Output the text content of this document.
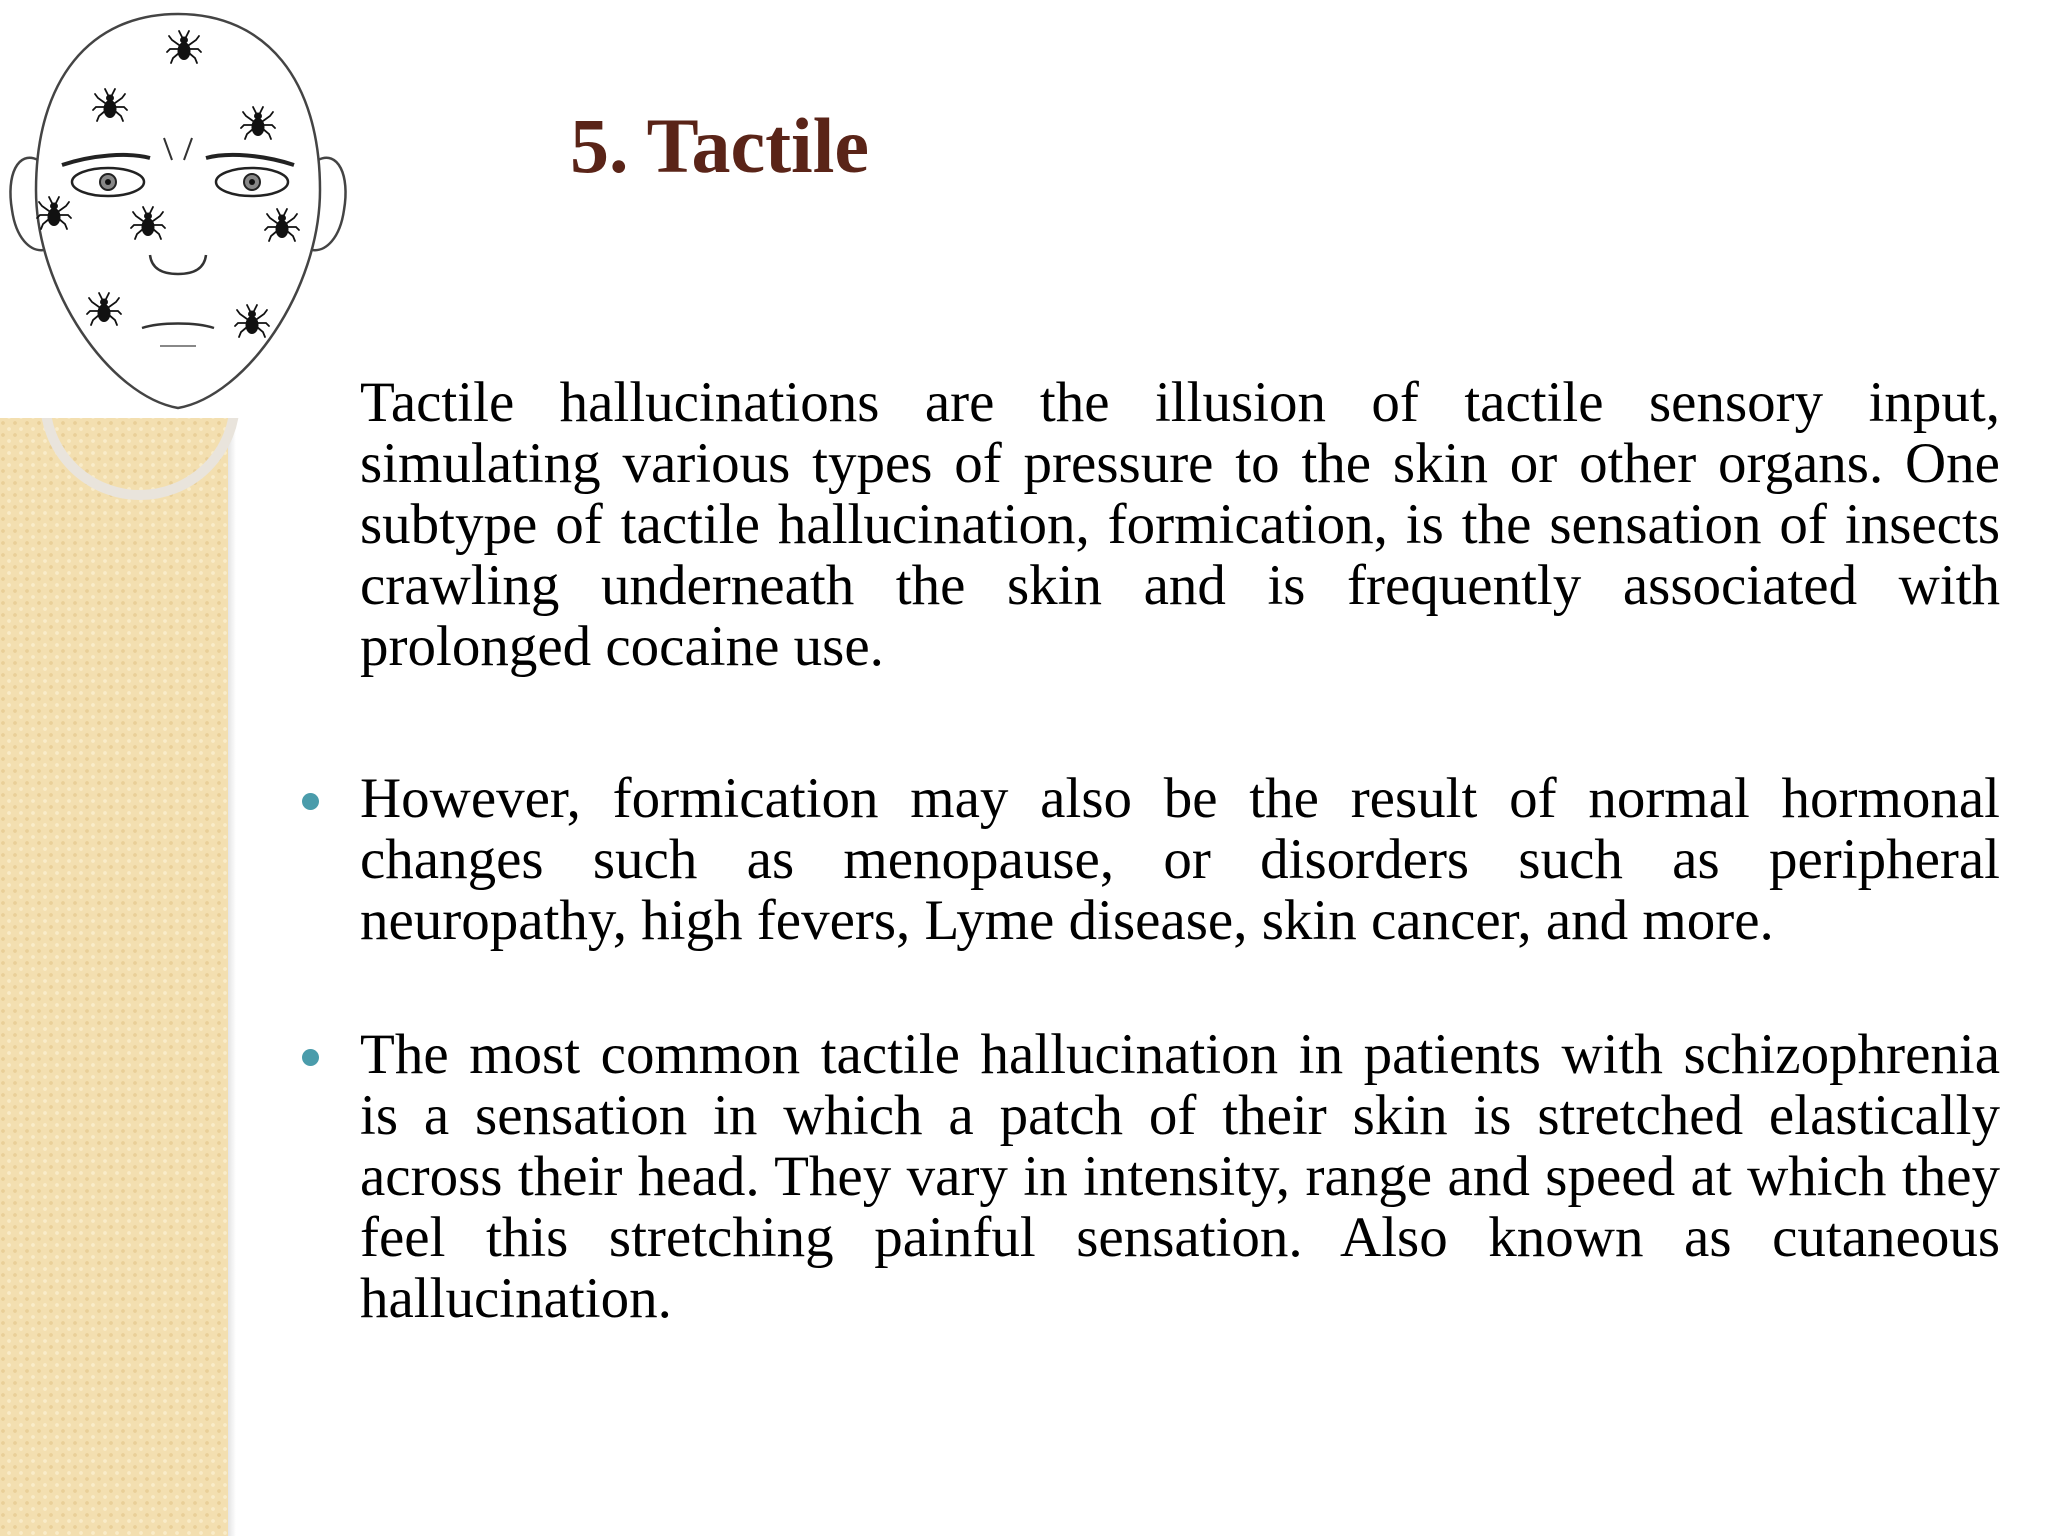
5. Tactile

Tactile hallucinations are the illusion of tactile sensory input, simulating various types of pressure to the skin or other organs. One subtype of tactile hallucination, formication, is the sensation of insects crawling underneath the skin and is frequently associated with prolonged cocaine use.

However, formication may also be the result of normal hormonal changes such as menopause, or disorders such as peripheral neuropathy, high fevers, Lyme disease, skin cancer, and more.

The most common tactile hallucination in patients with schizophrenia is a sensation in which a patch of their skin is stretched elastically across their head. They vary in intensity, range and speed at which they feel this stretching painful sensation. Also known as cutaneous hallucination.
